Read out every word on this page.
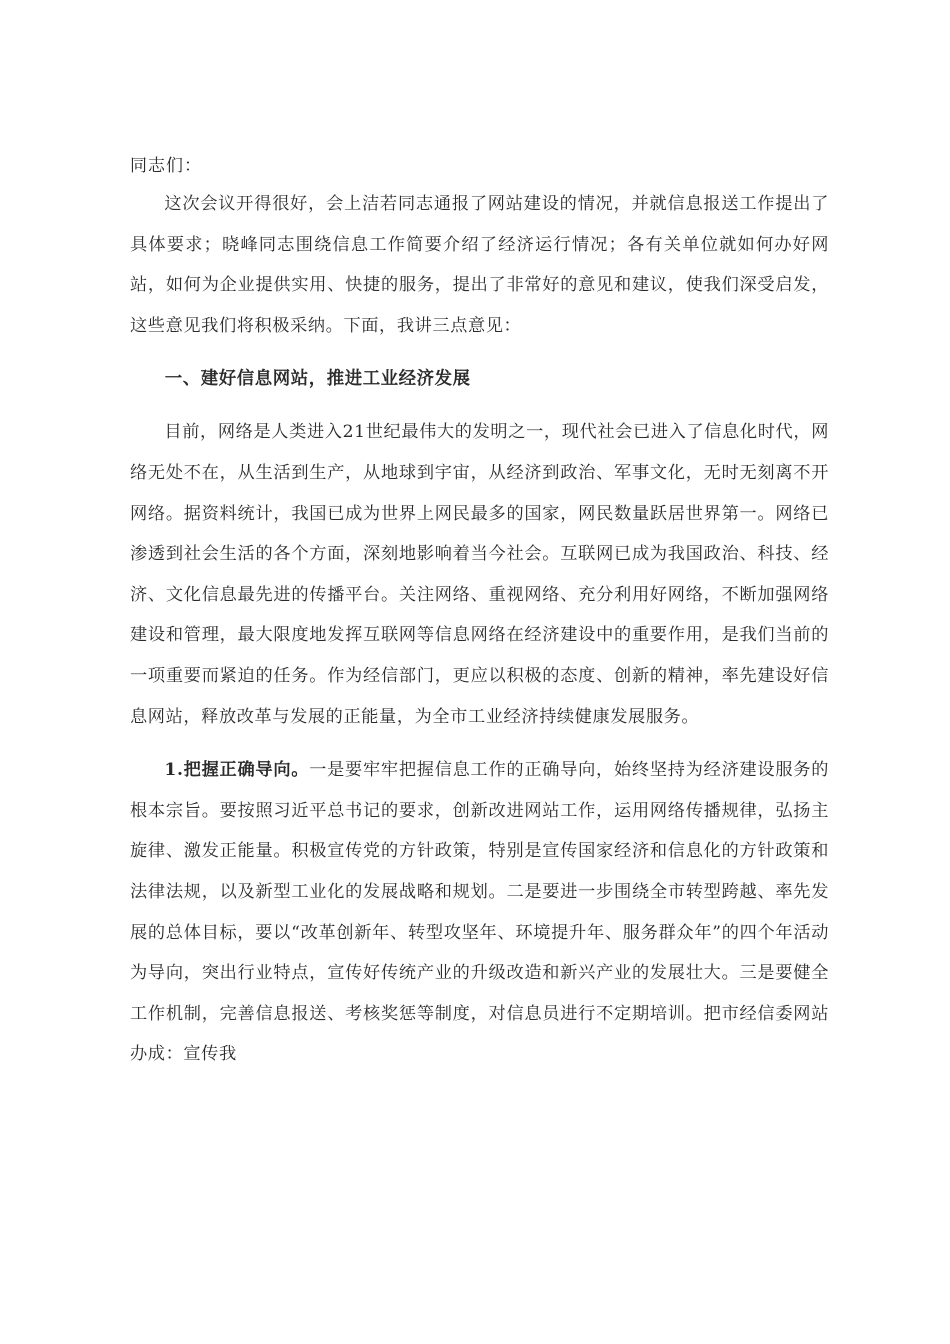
同志们：

这次会议开得很好，会上洁若同志通报了网站建设的情况，并就信息报送工作提出了具体要求；晓峰同志围绕信息工作简要介绍了经济运行情况；各有关单位就如何办好网站，如何为企业提供实用、快捷的服务，提出了非常好的意见和建议，使我们深受启发，这些意见我们将积极采纳。下面，我讲三点意见：

一、建好信息网站，推进工业经济发展

目前，网络是人类进入21世纪最伟大的发明之一，现代社会已进入了信息化时代，网络无处不在，从生活到生产，从地球到宇宙，从经济到政治、军事文化，无时无刻离不开网络。据资料统计，我国已成为世界上网民最多的国家，网民数量跃居世界第一。网络已渗透到社会生活的各个方面，深刻地影响着当今社会。互联网已成为我国政治、科技、经济、文化信息最先进的传播平台。关注网络、重视网络、充分利用好网络，不断加强网络建设和管理，最大限度地发挥互联网等信息网络在经济建设中的重要作用，是我们当前的一项重要而紧迫的任务。作为经信部门，更应以积极的态度、创新的精神，率先建设好信息网站，释放改革与发展的正能量，为全市工业经济持续健康发展服务。

1.把握正确导向。一是要牢牢把握信息工作的正确导向，始终坚持为经济建设服务的根本宗旨。要按照习近平总书记的要求，创新改进网站工作，运用网络传播规律，弘扬主旋律、激发正能量。积极宣传党的方针政策，特别是宣传国家经济和信息化的方针政策和法律法规，以及新型工业化的发展战略和规划。二是要进一步围绕全市转型跨越、率先发展的总体目标，要以“改革创新年、转型攻坚年、环境提升年、服务群众年”的四个年活动为导向，突出行业特点，宣传好传统产业的升级改造和新兴产业的发展壮大。三是要健全工作机制，完善信息报送、考核奖惩等制度，对信息员进行不定期培训。把市经信委网站办成：宣传我
